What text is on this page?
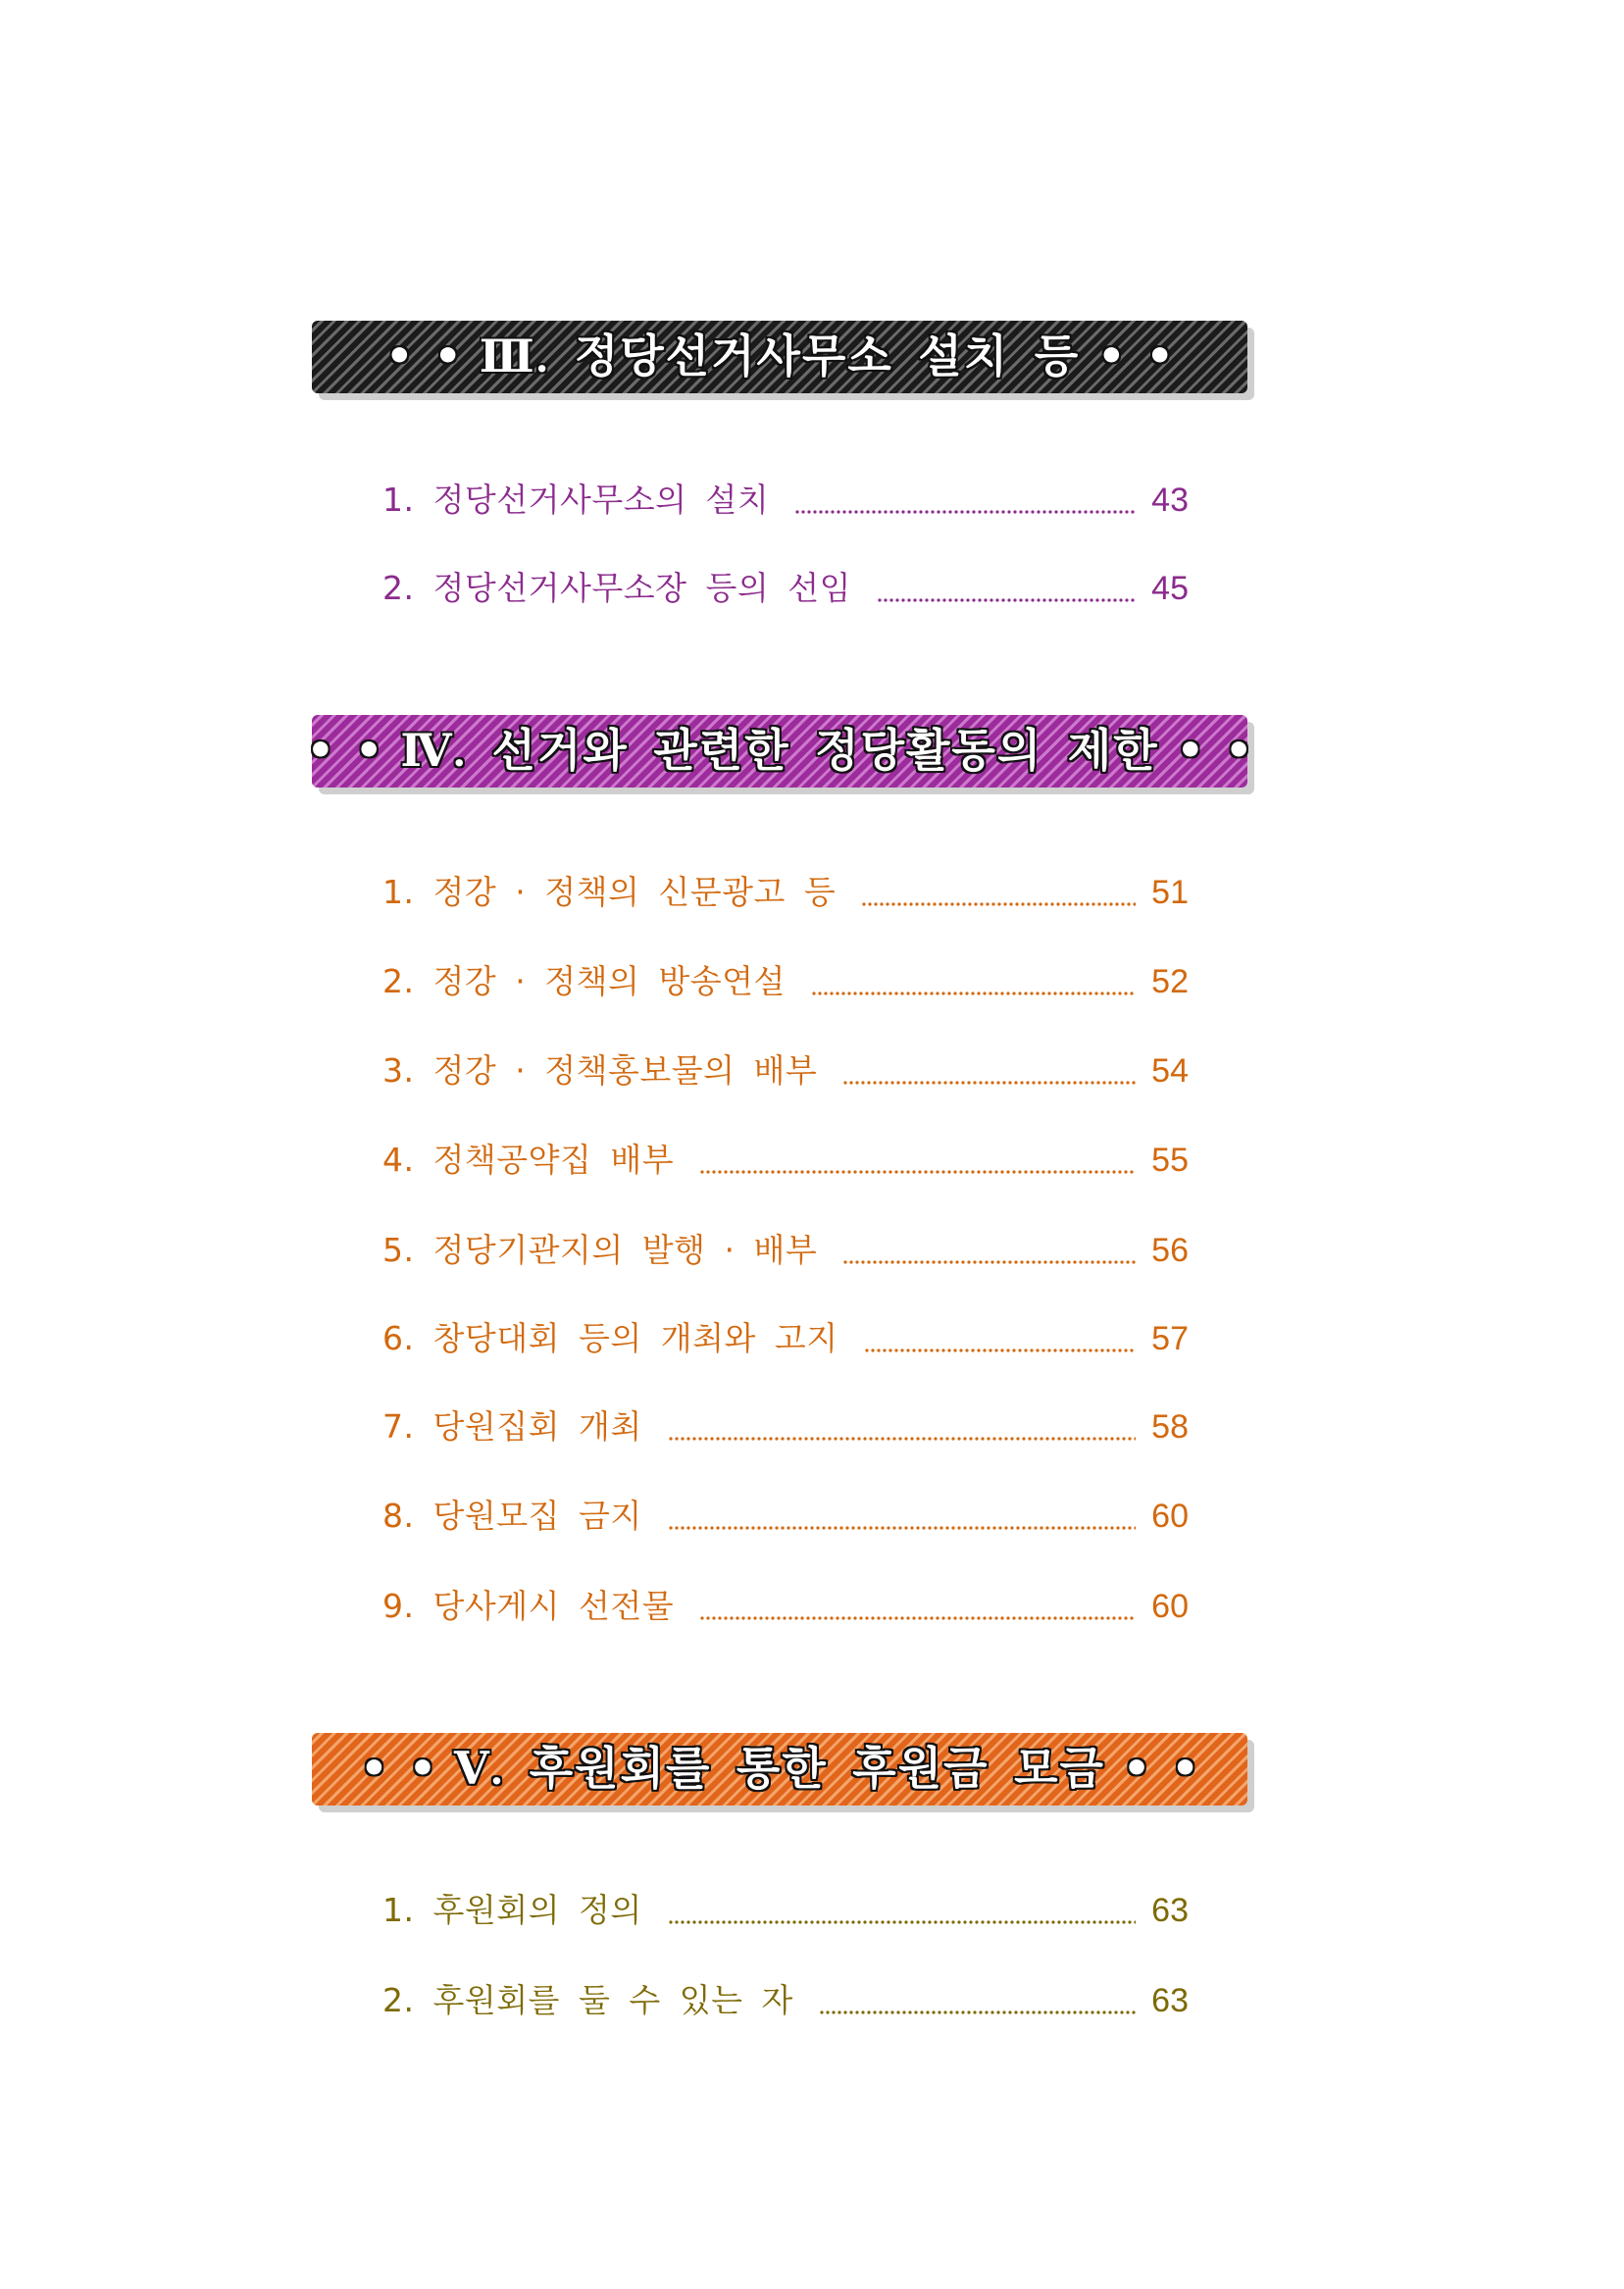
• • Ⅲ. 정당선거사무소 설치 등 • •
1. 정당선거사무소의 설치	43
2. 정당선거사무소장 등의 선임	45
• • Ⅳ. 선거와 관련한 정당활동의 제한 • •
1. 정강 · 정책의 신문광고 등	51
2. 정강 · 정책의 방송연설	52
3. 정강 · 정책홍보물의 배부	54
4. 정책공약집 배부	55
5. 정당기관지의 발행 · 배부	56
6. 창당대회 등의 개최와 고지	57
7. 당원집회 개최	58
8. 당원모집 금지	60
9. 당사게시 선전물	60
• • Ⅴ. 후원회를 통한 후원금 모금 • •
1. 후원회의 정의	63
2. 후원회를 둘 수 있는 자	63
